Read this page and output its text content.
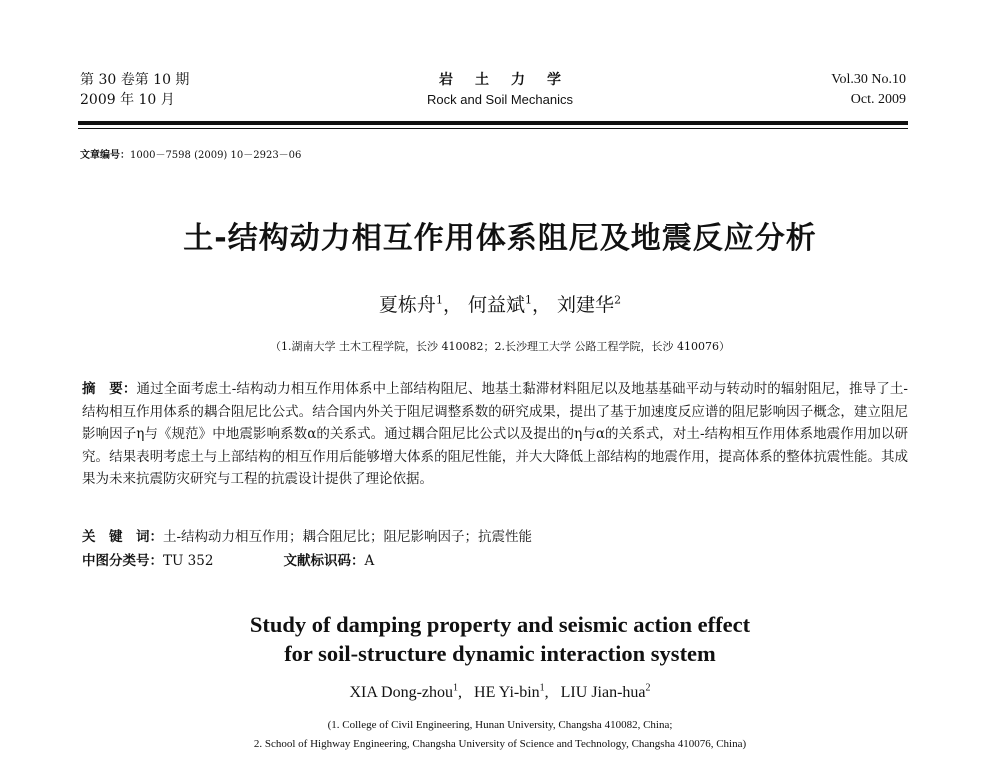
第 30 卷第 10 期
2009 年 10 月
岩土力学
Rock and Soil Mechanics
Vol.30 No.10
Oct. 2009
文章编号：1000－7598 (2009) 10－2923－06
土-结构动力相互作用体系阻尼及地震反应分析
夏栋舟$^1$， 何益斌$^1$， 刘建华$^2$
（1.湖南大学 土木工程学院，长沙 410082；2.长沙理工大学 公路工程学院，长沙 410076）
摘　要：通过全面考虑土-结构动力相互作用体系中上部结构阻尼、地基土黏滞材料阻尼以及地基基础平动与转动时的辐射阻尼，推导了土-结构相互作用体系的耦合阻尼比公式。结合国内外关于阻尼调整系数的研究成果，提出了基于加速度反应谱的阻尼影响因子概念，建立阻尼影响因子η与《规范》中地震影响系数α的关系式。通过耦合阻尼比公式以及提出的η与α的关系式，对土-结构相互作用体系地震作用加以研究。结果表明考虑土与上部结构的相互作用后能够增大体系的阻尼性能，并大大降低上部结构的地震作用，提高体系的整体抗震性能。其成果为未来抗震防灾研究与工程的抗震设计提供了理论依据。
关　键　词：土-结构动力相互作用；耦合阻尼比；阻尼影响因子；抗震性能
中图分类号：TU 352	文献标识码：A
Study of damping property and seismic action effect
for soil-structure dynamic interaction system
XIA Dong-zhou$^1$,   HE Yi-bin$^1$,   LIU Jian-hua$^2$
(1. College of Civil Engineering, Hunan University, Changsha 410082, China;
2. School of Highway Engineering, Changsha University of Science and Technology, Changsha 410076, China)
